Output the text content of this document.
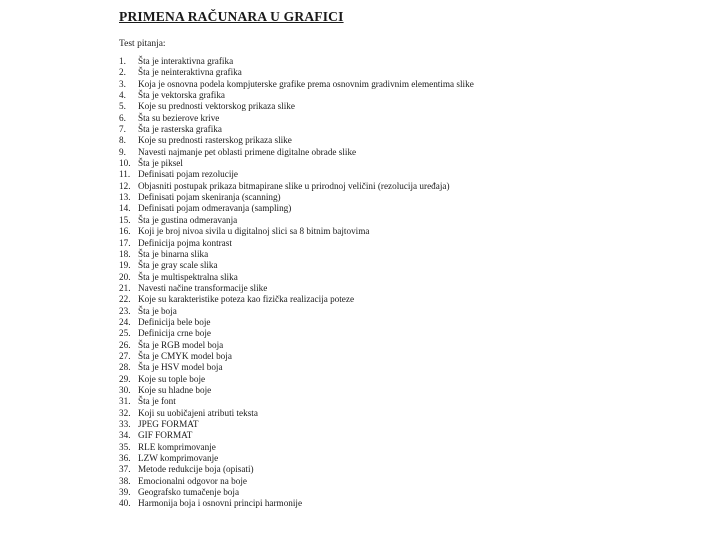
PRIMENA RAČUNARA U GRAFICI
Test pitanja:
1.	Šta je interaktivna grafika
2.	Šta je neinteraktivna grafika
3.	Koja je osnovna podela kompjuterske grafike prema osnovnim gradivnim elementima slike
4.	Šta je vektorska grafika
5.	Koje su prednosti vektorskog prikaza slike
6.	Šta su bezierove krive
7.	Šta je rasterska grafika
8.	Koje su prednosti rasterskog prikaza slike
9.	Navesti najmanje pet oblasti primene digitalne obrade slike
10. Šta je piksel
11. Definisati pojam rezolucije
12. Objasniti postupak prikaza bitmapirane slike u prirodnoj veličini (rezolucija uređaja)
13. Definisati pojam skeniranja (scanning)
14. Definisati pojam odmeravanja (sampling)
15. Šta je gustina odmeravanja
16. Koji je broj nivoa sivila u digitalnoj slici sa 8 bitnim bajtovima
17. Definicija pojma kontrast
18. Šta je binarna slika
19. Šta je gray scale slika
20. Šta je multispektralna slika
21. Navesti načine transformacije slike
22. Koje su karakteristike poteza kao fizička realizacija poteze
23. Šta je boja
24. Definicija bele boje
25. Definicija crne boje
26. Šta je RGB model boja
27. Šta je CMYK model boja
28. Šta je HSV model boja
29. Koje su tople boje
30. Koje su hladne boje
31. Šta je font
32. Koji su uobičajeni atributi teksta
33. JPEG FORMAT
34. GIF FORMAT
35. RLE komprimovanje
36. LZW komprimovanje
37. Metode redukcije boja (opisati)
38. Emocionalni odgovor na boje
39. Geografsko tumačenje boja
40. Harmonija boja i osnovni principi harmonije
